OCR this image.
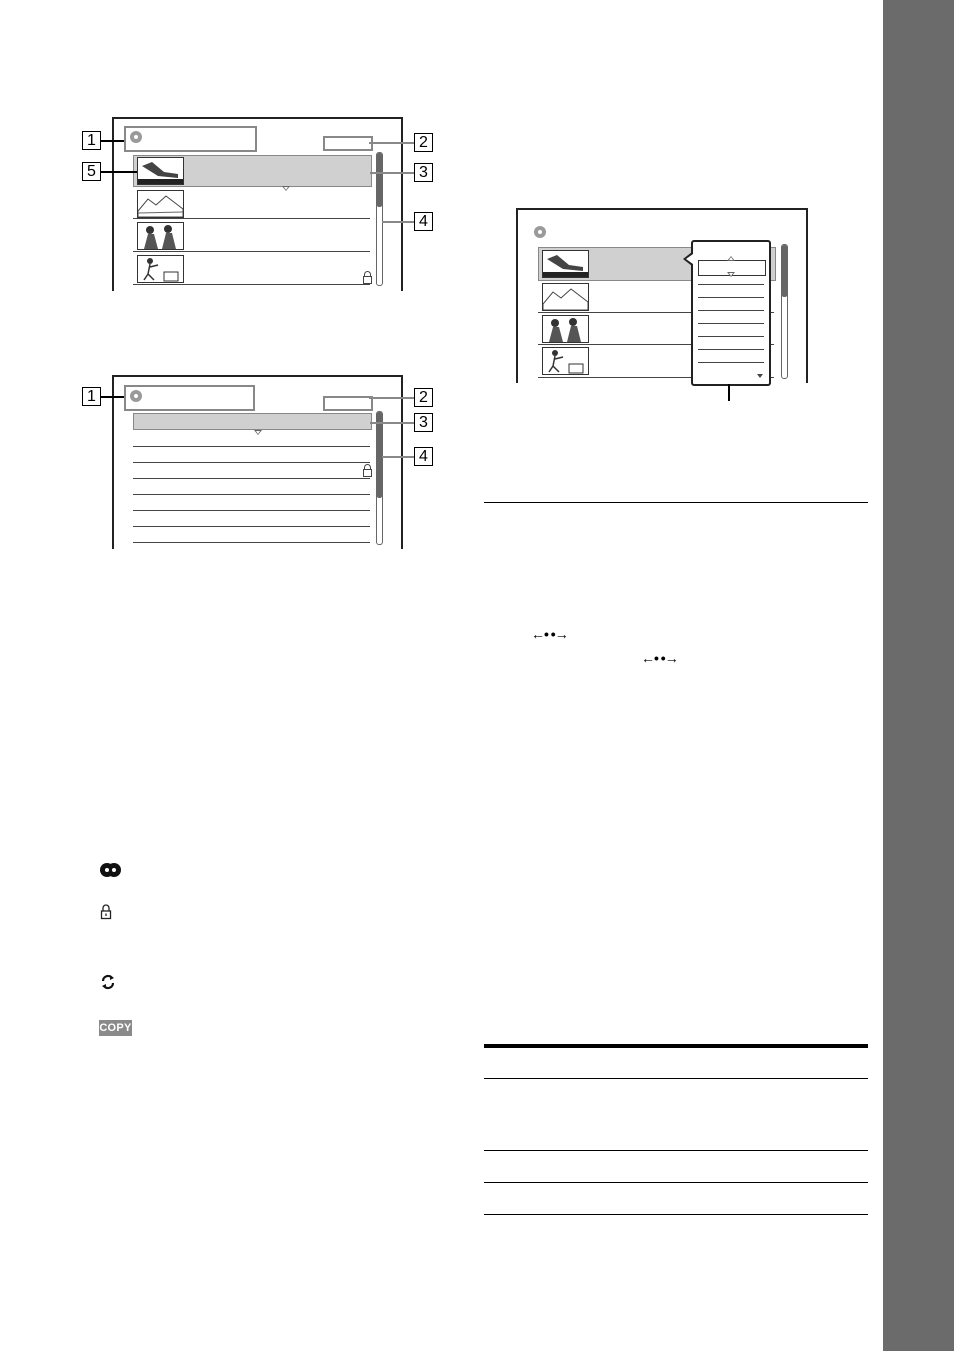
1
5
2
3
4
1	2
3
4
←• •→
←• •→
COPY
